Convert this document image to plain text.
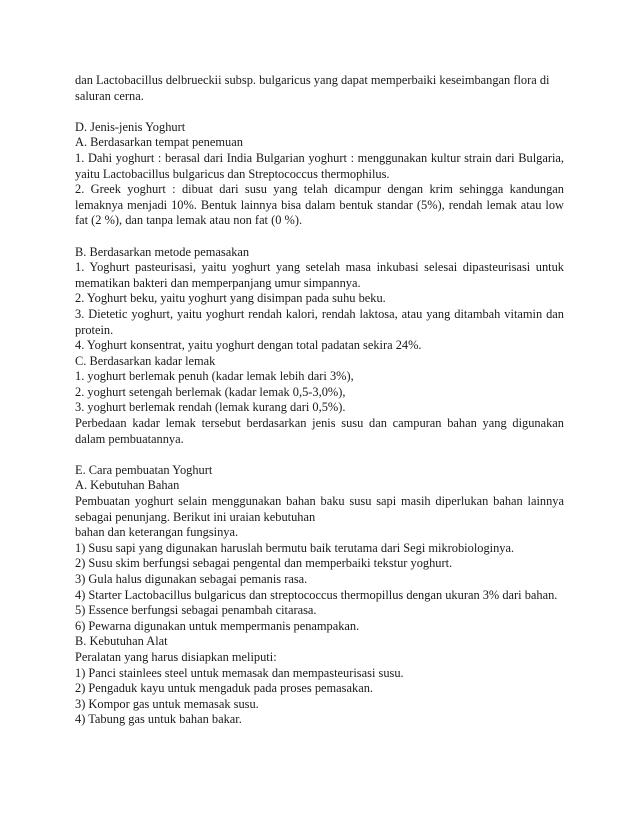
dan Lactobacillus delbrueckii subsp. bulgaricus yang dapat memperbaiki keseimbangan flora di saluran cerna.

D. Jenis-jenis Yoghurt

A. Berdasarkan tempat penemuan

1. Dahi yoghurt : berasal dari India Bulgarian yoghurt : menggunakan kultur strain dari Bulgaria, yaitu Lactobacillus bulgaricus dan Streptococcus thermophilus.

2. Greek yoghurt : dibuat dari susu yang telah dicampur dengan krim sehingga kandungan lemaknya menjadi 10%. Bentuk lainnya bisa dalam bentuk standar (5%), rendah lemak atau low fat (2 %), dan tanpa lemak atau non fat (0 %).

B. Berdasarkan metode pemasakan

1. Yoghurt pasteurisasi, yaitu yoghurt yang setelah masa inkubasi selesai dipasteurisasi untuk mematikan bakteri dan memperpanjang umur simpannya.

2. Yoghurt beku, yaitu yoghurt yang disimpan pada suhu beku.

3. Dietetic yoghurt, yaitu yoghurt rendah kalori, rendah laktosa, atau yang ditambah vitamin dan protein.

4. Yoghurt konsentrat, yaitu yoghurt dengan total padatan sekira 24%.

C. Berdasarkan kadar lemak

1. yoghurt berlemak penuh (kadar lemak lebih dari 3%),

2. yoghurt setengah berlemak (kadar lemak 0,5-3,0%),

3. yoghurt berlemak rendah (lemak kurang dari 0,5%).

Perbedaan kadar lemak tersebut berdasarkan jenis susu dan campuran bahan yang digunakan dalam pembuatannya.

E. Cara pembuatan Yoghurt

A. Kebutuhan Bahan

Pembuatan yoghurt selain menggunakan bahan baku susu sapi masih diperlukan bahan lainnya sebagai penunjang. Berikut ini uraian kebutuhan

bahan dan keterangan fungsinya.

1) Susu sapi yang digunakan haruslah bermutu baik terutama dari Segi mikrobiologinya.

2) Susu skim berfungsi sebagai pengental dan memperbaiki tekstur yoghurt.

3) Gula halus digunakan sebagai pemanis rasa.

4) Starter Lactobacillus bulgaricus dan streptococcus thermopillus dengan ukuran 3% dari bahan.

5) Essence berfungsi sebagai penambah citarasa.

6) Pewarna digunakan untuk mempermanis penampakan.

B. Kebutuhan Alat

Peralatan yang harus disiapkan meliputi:

1) Panci stainlees steel untuk memasak dan mempasteurisasi susu.

2) Pengaduk kayu untuk mengaduk pada proses pemasakan.

3) Kompor gas untuk memasak susu.

4) Tabung gas untuk bahan bakar.
